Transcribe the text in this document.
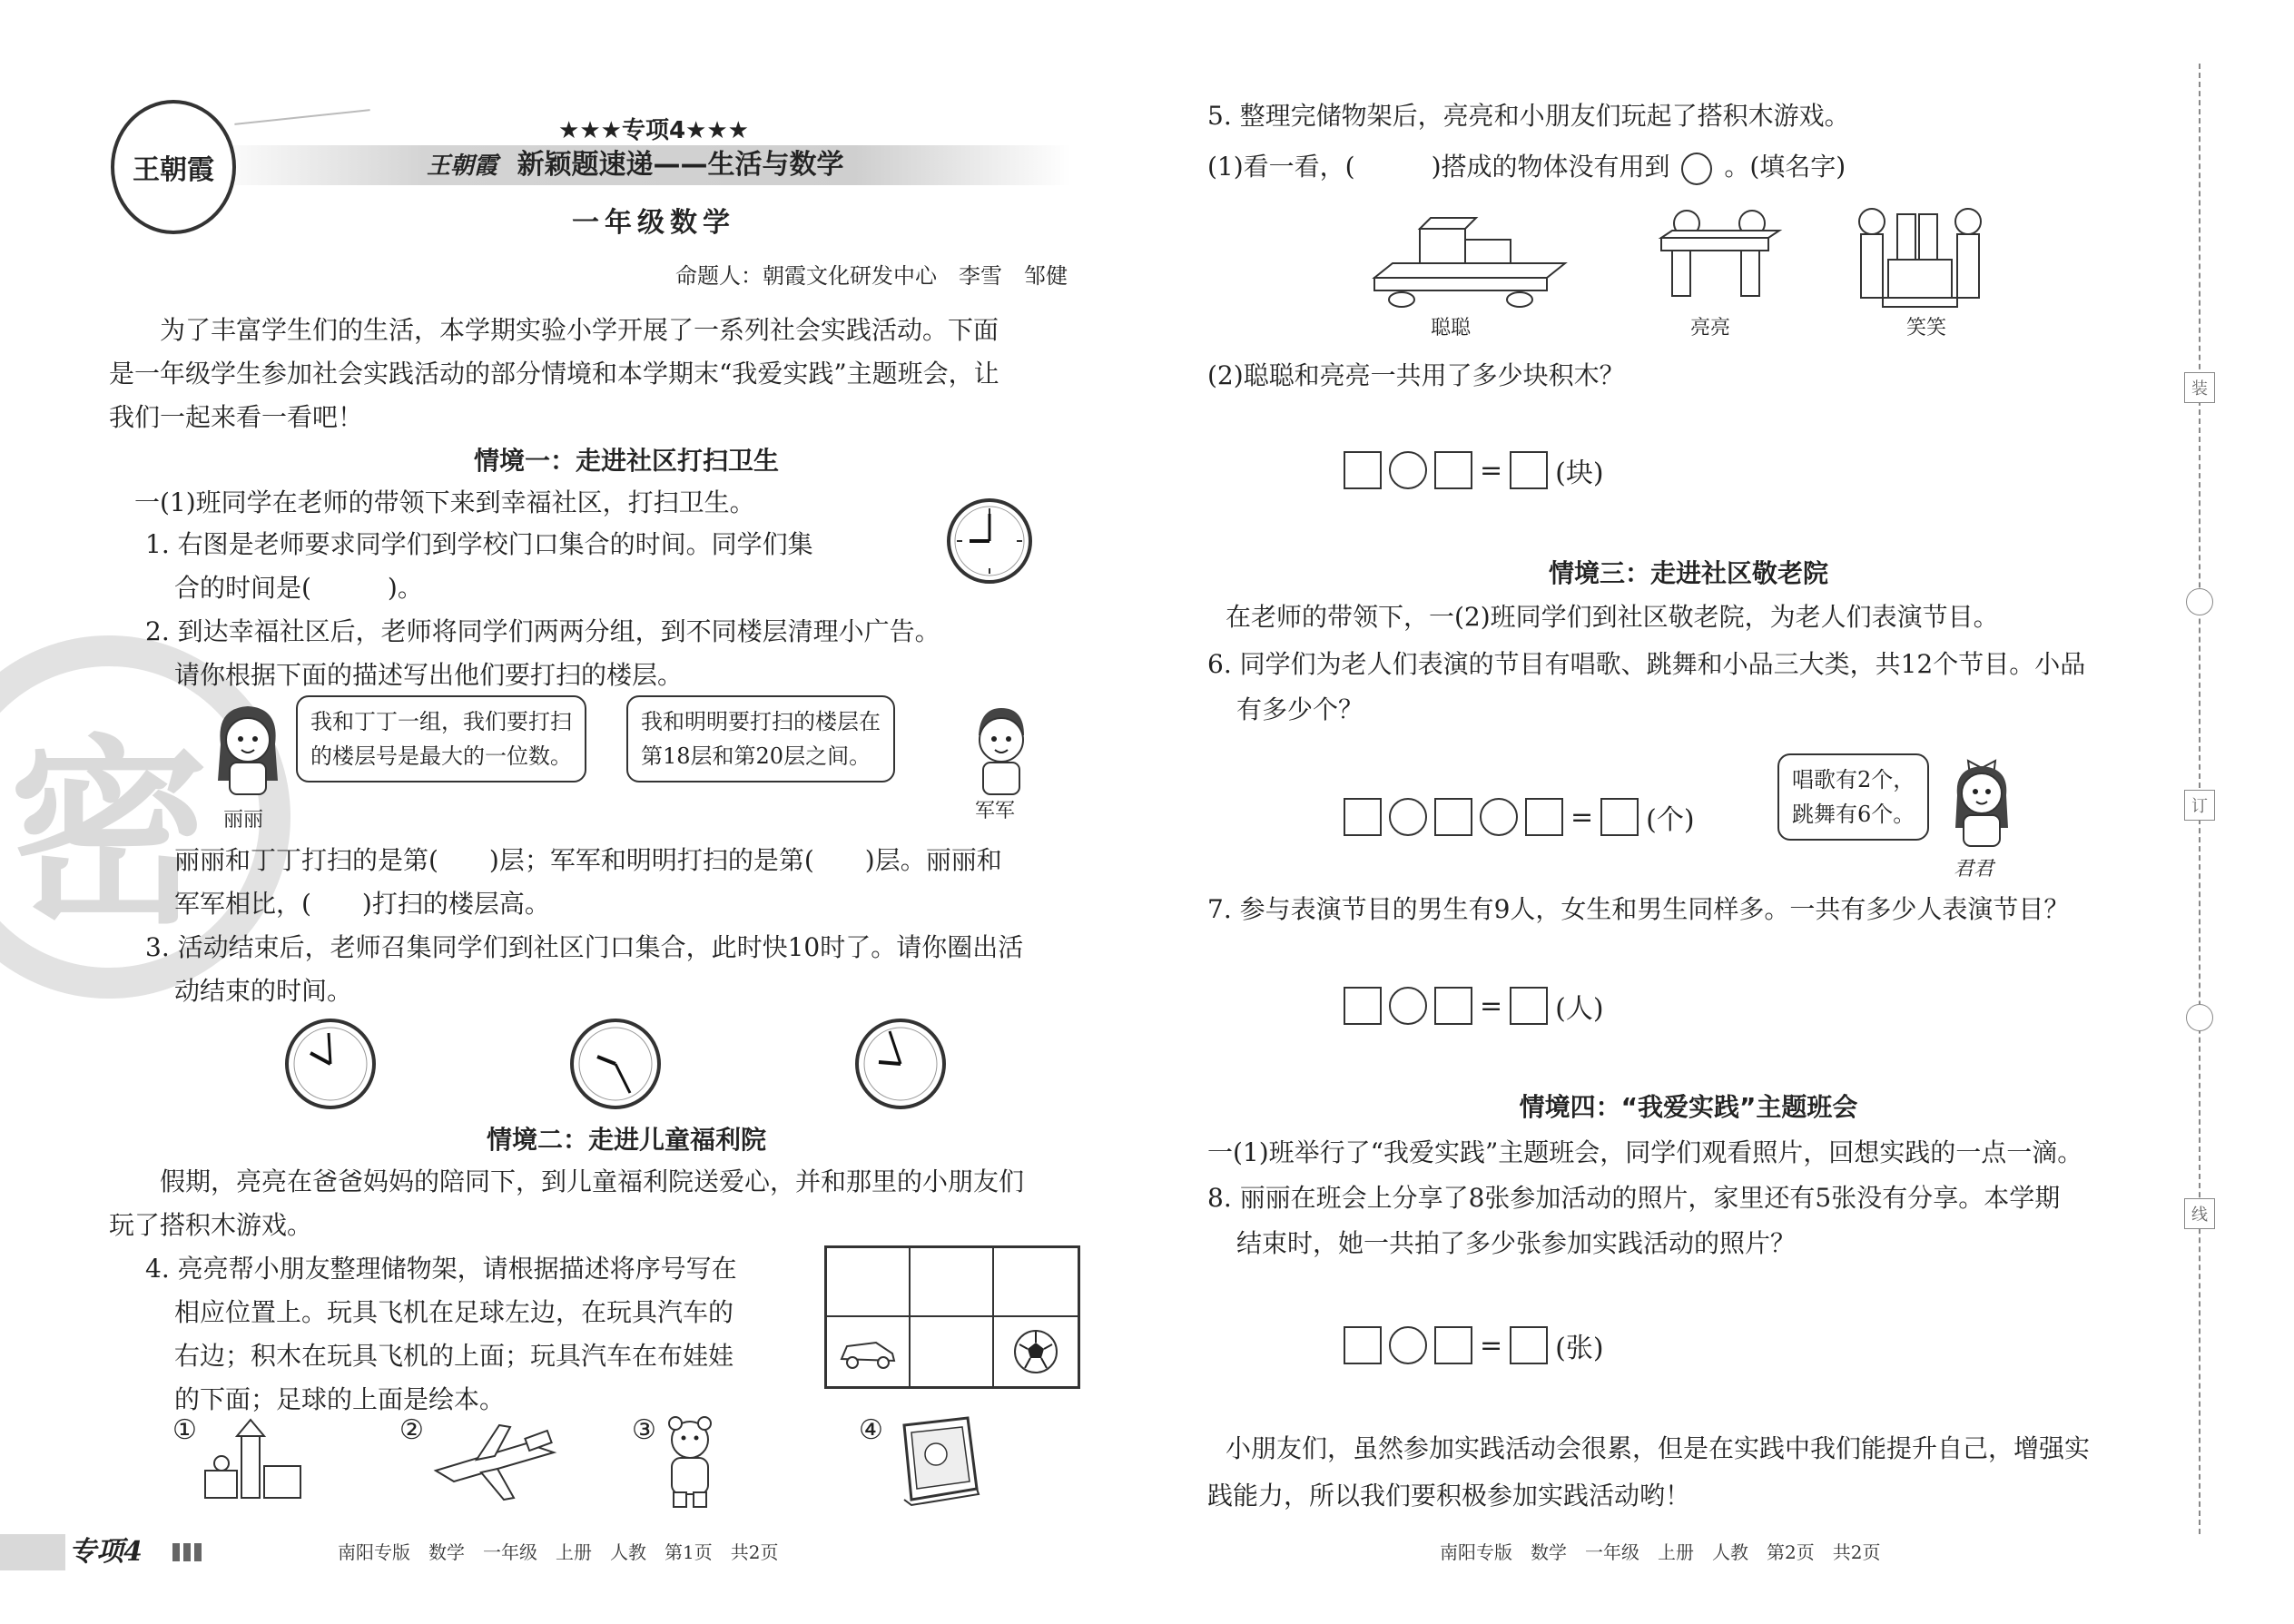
密
王朝霞
★★★专项4★★★
王朝霞 新颖题速递——生活与数学
一年级数学
命题人：朝霞文化研发中心　李雪　邹健
为了丰富学生们的生活，本学期实验小学开展了一系列社会实践活动。下面
是一年级学生参加社会实践活动的部分情境和本学期末“我爱实践”主题班会，让
我们一起来看一看吧！
情境一：走进社区打扫卫生
一(1)班同学在老师的带领下来到幸福社区，打扫卫生。
1. 右图是老师要求同学们到学校门口集合的时间。同学们集
合的时间是(　　　)。
2. 到达幸福社区后，老师将同学们两两分组，到不同楼层清理小广告。
请你根据下面的描述写出他们要打扫的楼层。
丽丽
我和丁丁一组，我们要打扫
的楼层号是最大的一位数。
我和明明要打扫的楼层在
第18层和第20层之间。
军军
丽丽和丁丁打扫的是第(　　)层；军军和明明打扫的是第(　　)层。丽丽和
军军相比，(　　)打扫的楼层高。
3. 活动结束后，老师召集同学们到社区门口集合，此时快10时了。请你圈出活
动结束的时间。
情境二：走进儿童福利院
假期，亮亮在爸爸妈妈的陪同下，到儿童福利院送爱心，并和那里的小朋友们
玩了搭积木游戏。
4. 亮亮帮小朋友整理储物架，请根据描述将序号写在
相应位置上。玩具飞机在足球左边，在玩具汽车的
右边；积木在玩具飞机的上面；玩具汽车在布娃娃
的下面；足球的上面是绘本。
①	②	③	④
专项4	南阳专版　数学　一年级　上册　人教　第1页　共2页
5. 整理完储物架后，亮亮和小朋友们玩起了搭积木游戏。
(1)看一看，(　　　)搭成的物体没有用到 。(填名字)
聪聪	亮亮	笑笑
(2)聪聪和亮亮一共用了多少块积木？
= (块)
情境三：走进社区敬老院
在老师的带领下，一(2)班同学们到社区敬老院，为老人们表演节目。
6. 同学们为老人们表演的节目有唱歌、跳舞和小品三大类，共12个节目。小品
有多少个？
= (个)
唱歌有2个，
跳舞有6个。
君君
7. 参与表演节目的男生有9人，女生和男生同样多。一共有多少人表演节目？
= (人)
情境四：“我爱实践”主题班会
一(1)班举行了“我爱实践”主题班会，同学们观看照片，回想实践的一点一滴。
8. 丽丽在班会上分享了8张参加活动的照片，家里还有5张没有分享。本学期
结束时，她一共拍了多少张参加实践活动的照片？
= (张)
小朋友们，虽然参加实践活动会很累，但是在实践中我们能提升自己，增强实
践能力，所以我们要积极参加实践活动哟！
南阳专版　数学　一年级　上册　人教　第2页　共2页
装
订
线
